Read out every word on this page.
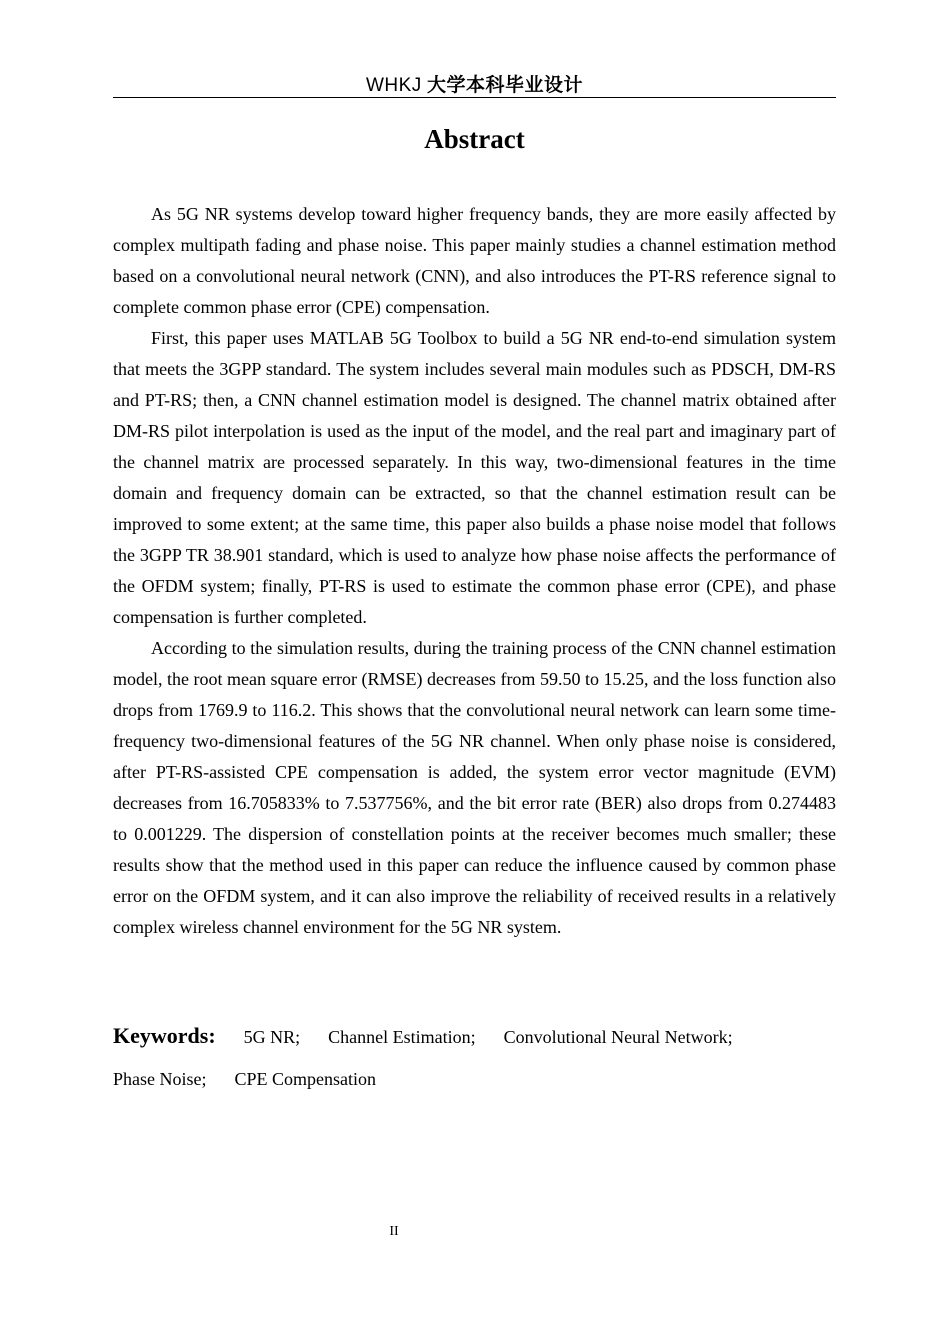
WHKJ 大学本科毕业设计
Abstract

As 5G NR systems develop toward higher frequency bands, they are more easily affected by complex multipath fading and phase noise. This paper mainly studies a channel estimation method based on a convolutional neural network (CNN), and also introduces the PT-RS reference signal to complete common phase error (CPE) compensation.

First, this paper uses MATLAB 5G Toolbox to build a 5G NR end-to-end simulation system that meets the 3GPP standard. The system includes several main modules such as PDSCH, DM-RS and PT-RS; then, a CNN channel estimation model is designed. The channel matrix obtained after DM-RS pilot interpolation is used as the input of the model, and the real part and imaginary part of the channel matrix are processed separately. In this way, two-dimensional features in the time domain and frequency domain can be extracted, so that the channel estimation result can be improved to some extent; at the same time, this paper also builds a phase noise model that follows the 3GPP TR 38.901 standard, which is used to analyze how phase noise affects the performance of the OFDM system; finally, PT-RS is used to estimate the common phase error (CPE), and phase compensation is further completed.

According to the simulation results, during the training process of the CNN channel estimation model, the root mean square error (RMSE) decreases from 59.50 to 15.25, and the loss function also drops from 1769.9 to 116.2. This shows that the convolutional neural network can learn some time-frequency two-dimensional features of the 5G NR channel. When only phase noise is considered, after PT-RS-assisted CPE compensation is added, the system error vector magnitude (EVM) decreases from 16.705833% to 7.537756%, and the bit error rate (BER) also drops from 0.274483 to 0.001229. The dispersion of constellation points at the receiver becomes much smaller; these results show that the method used in this paper can reduce the influence caused by common phase error on the OFDM system, and it can also improve the reliability of received results in a relatively complex wireless channel environment for the 5G NR system.

Keywords: 5G NR; Channel Estimation; Convolutional Neural Network;
Phase Noise; CPE Compensation
II
